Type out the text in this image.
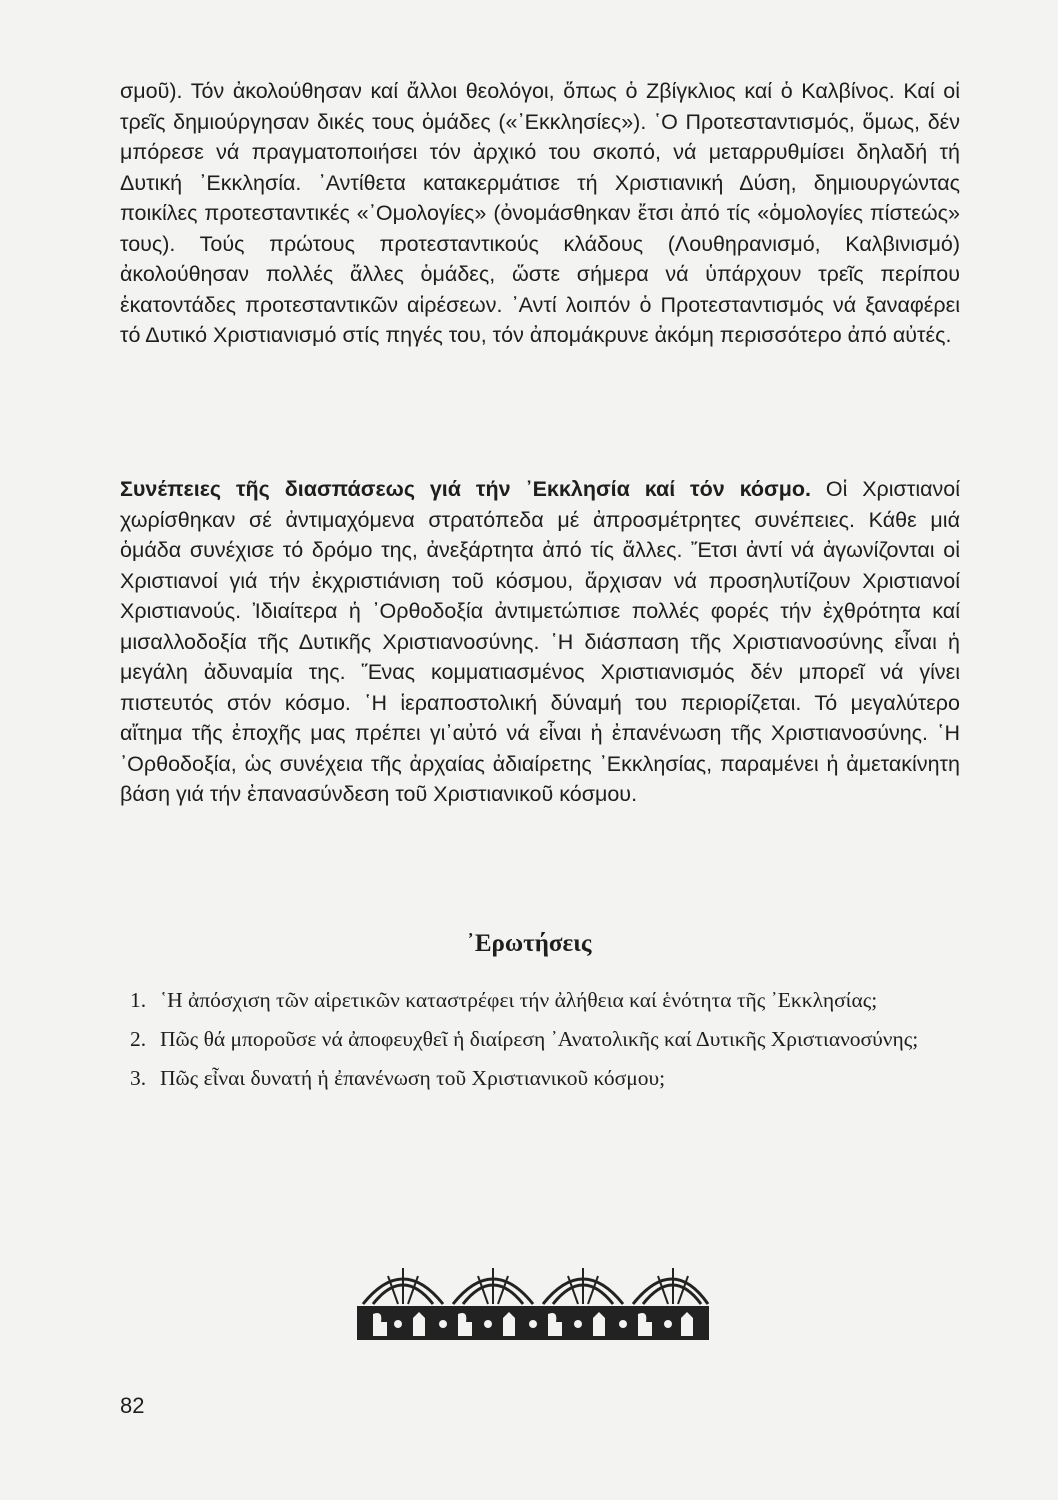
σμοῦ). Τόν ἀκολούθησαν καί ἄλλοι θεολόγοι, ὅπως ὁ Ζβίγκλιος καί ὁ Καλβίνος. Καί οἱ τρεῖς δημιούργησαν δικές τους ὁμάδες («᾿Εκκλησίες»). ῾Ο Προτεσταντισμός, ὅμως, δέν μπόρεσε νά πραγματοποιήσει τόν ἀρχικό του σκοπό, νά μεταρρυθμίσει δηλαδή τή Δυτική ᾿Εκκλησία. ᾿Αντίθετα κατακερμάτισε τή Χριστιανική Δύση, δημιουργώντας ποικίλες προτεσταντικές «᾿Ομολογίες» (ὀνομάσθηκαν ἔτσι ἀπό τίς «ὁμολογίες πίστεώς» τους). Τούς πρώτους προτεσταντικούς κλάδους (Λουθηρανισμό, Καλβινισμό) ἀκολούθησαν πολλές ἄλλες ὁμάδες, ὥστε σήμερα νά ὑπάρχουν τρεῖς περίπου ἑκατοντάδες προτεσταντικῶν αἱρέσεων. ᾿Αντί λοιπόν ὁ Προτεσταντισμός νά ξαναφέρει τό Δυτικό Χριστιανισμό στίς πηγές του, τόν ἀπομάκρυνε ἀκόμη περισσότερο ἀπό αὐτές.

Συνέπειες τῆς διασπάσεως γιά τήν ᾿Εκκλησία καί τόν κόσμο. Οἱ Χριστιανοί χωρίσθηκαν σέ ἀντιμαχόμενα στρατόπεδα μέ ἀπροσμέτρητες συνέπειες. Κάθε μιά ὁμάδα συνέχισε τό δρόμο της, ἀνεξάρτητα ἀπό τίς ἄλλες. Ἔτσι ἀντί νά ἀγωνίζονται οἱ Χριστιανοί γιά τήν ἐκχριστιάνιση τοῦ κόσμου, ἄρχισαν νά προσηλυτίζουν Χριστιανοί Χριστιανούς. Ἰδιαίτερα ἡ ᾿Ορθοδοξία ἀντιμετώπισε πολλές φορές τήν ἐχθρότητα καί μισαλλοδοξία τῆς Δυτικῆς Χριστιανοσύνης. ῾Η διάσπαση τῆς Χριστιανοσύνης εἶναι ἡ μεγάλη ἀδυναμία της. Ἕνας κομματιασμένος Χριστιανισμός δέν μπορεῖ νά γίνει πιστευτός στόν κόσμο. ῾Η ἱεραποστολική δύναμή του περιορίζεται. Τό μεγαλύτερο αἴτημα τῆς ἐποχῆς μας πρέπει γι᾿αὐτό νά εἶναι ἡ ἐπανένωση τῆς Χριστιανοσύνης. ῾Η ᾿Ορθοδοξία, ὡς συνέχεια τῆς ἀρχαίας ἀδιαίρετης ᾿Εκκλησίας, παραμένει ἡ ἀμετακίνητη βάση γιά τήν ἐπανασύνδεση τοῦ Χριστιανικοῦ κόσμου.

᾿Ερωτήσεις
1. ῾Η ἀπόσχιση τῶν αἱρετικῶν καταστρέφει τήν ἀλήθεια καί ἑνότητα τῆς ᾿Εκκλησίας;
2. Πῶς θά μποροῦσε νά ἀποφευχθεῖ ἡ διαίρεση ᾿Ανατολικῆς καί Δυτικῆς Χριστιανοσύνης;
3. Πῶς εἶναι δυνατή ἡ ἐπανένωση τοῦ Χριστιανικοῦ κόσμου;
82
